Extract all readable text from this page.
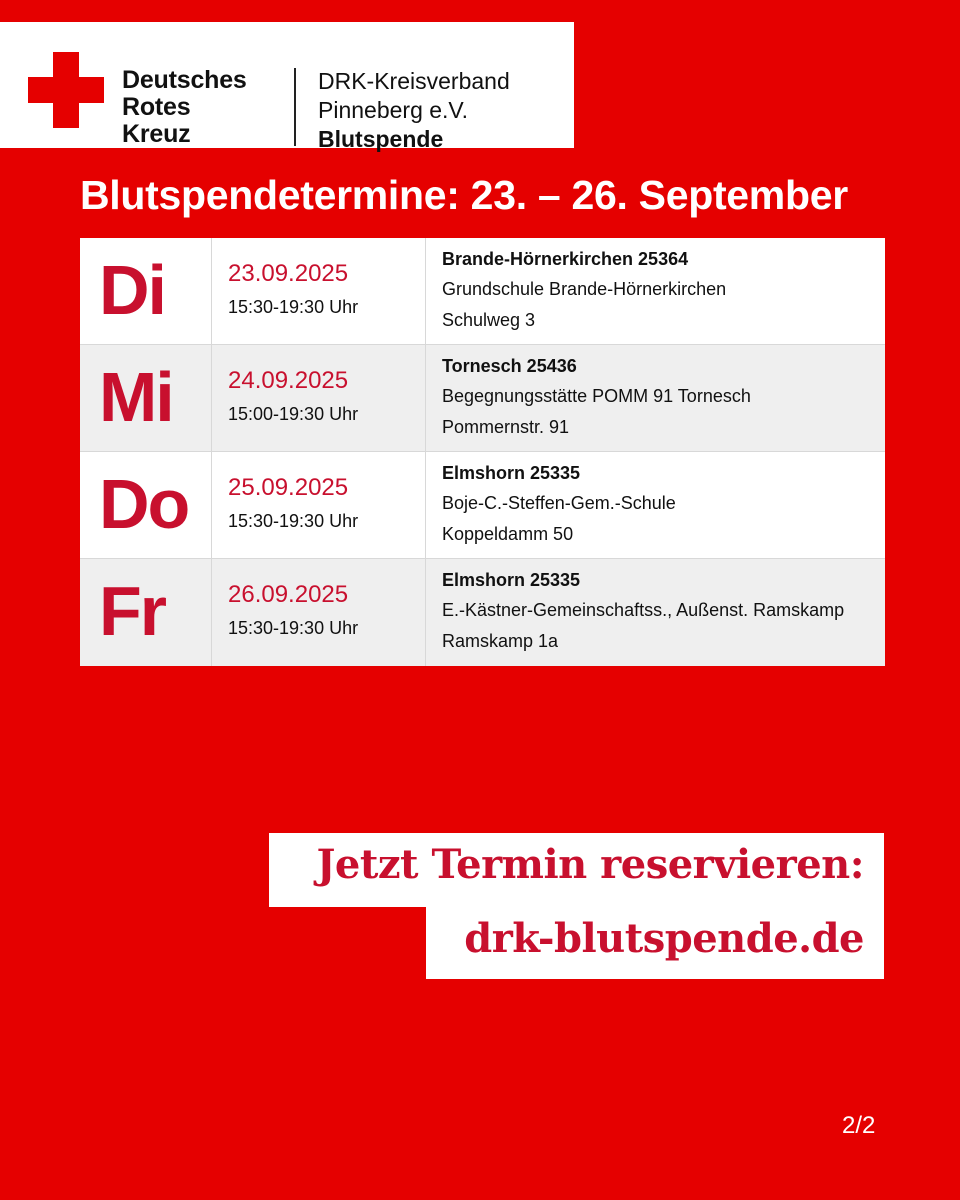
Deutsches
Rotes
Kreuz
DRK-Kreisverband
Pinneberg e.V.
Blutspende
Blutspendetermine: 23. – 26. September
Di	23.09.2025
15:30-19:30 Uhr
Brande-Hörnerkirchen 25364
Grundschule Brande-Hörnerkirchen
Schulweg 3
Mi 24.09.2025
15:00-19:30 Uhr
Tornesch 25436
Begegnungsstätte POMM 91 Tornesch
Pommernstr. 91
Do 25.09.2025
15:30-19:30 Uhr
Elmshorn 25335
Boje-C.-Steffen-Gem.-Schule
Koppeldamm 50
Fr	26.09.2025
15:30-19:30 Uhr
Elmshorn 25335
E.-Kästner-Gemeinschaftss., Außenst. Ramskamp
Ramskamp 1a
Jetzt Termin reservieren:
drk-blutspende.de
2/2
